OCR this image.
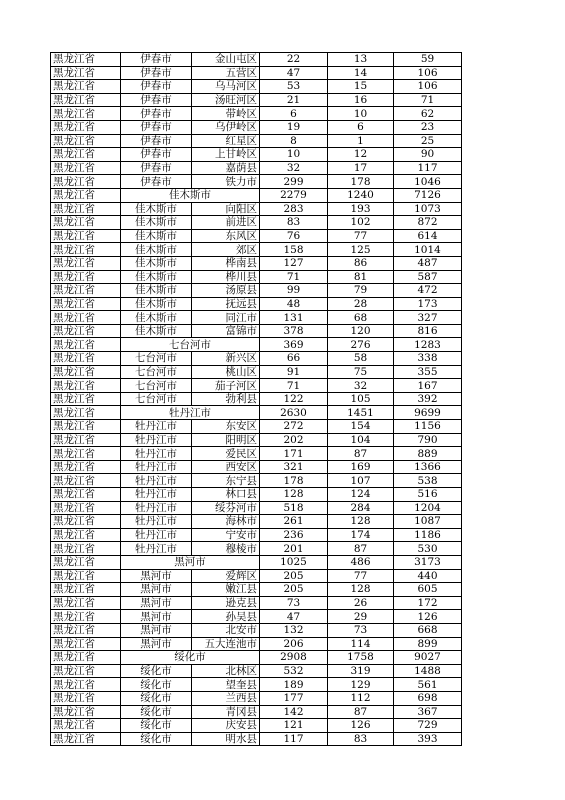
黑龙江省	伊春市	金山屯区	22	13	59
黑龙江省	伊春市	五营区	47	14	106
黑龙江省	伊春市	乌马河区	53	15	106
黑龙江省	伊春市	汤旺河区	21	16	71
黑龙江省	伊春市	带岭区	6	10	62
黑龙江省	伊春市	乌伊岭区	19	6	23
黑龙江省	伊春市	红星区	8	1	25
黑龙江省	伊春市	上甘岭区	10	12	90
黑龙江省	伊春市	嘉荫县	32	17	117
黑龙江省	伊春市	铁力市	299	178	1046
黑龙江省	佳木斯市		2279	1240	7126
黑龙江省	佳木斯市	向阳区	283	193	1073
黑龙江省	佳木斯市	前进区	83	102	872
黑龙江省	佳木斯市	东风区	76	77	614
黑龙江省	佳木斯市	郊区	158	125	1014
黑龙江省	佳木斯市	桦南县	127	86	487
黑龙江省	佳木斯市	桦川县	71	81	587
黑龙江省	佳木斯市	汤原县	99	79	472
黑龙江省	佳木斯市	抚远县	48	28	173
黑龙江省	佳木斯市	同江市	131	68	327
黑龙江省	佳木斯市	富锦市	378	120	816
黑龙江省	七台河市		369	276	1283
黑龙江省	七台河市	新兴区	66	58	338
黑龙江省	七台河市	桃山区	91	75	355
黑龙江省	七台河市	茄子河区	71	32	167
黑龙江省	七台河市	勃利县	122	105	392
黑龙江省	牡丹江市		2630	1451	9699
黑龙江省	牡丹江市	东安区	272	154	1156
黑龙江省	牡丹江市	阳明区	202	104	790
黑龙江省	牡丹江市	爱民区	171	87	889
黑龙江省	牡丹江市	西安区	321	169	1366
黑龙江省	牡丹江市	东宁县	178	107	538
黑龙江省	牡丹江市	林口县	128	124	516
黑龙江省	牡丹江市	绥芬河市	518	284	1204
黑龙江省	牡丹江市	海林市	261	128	1087
黑龙江省	牡丹江市	宁安市	236	174	1186
黑龙江省	牡丹江市	穆棱市	201	87	530
黑龙江省	黑河市		1025	486	3173
黑龙江省	黑河市	爱辉区	205	77	440
黑龙江省	黑河市	嫩江县	205	128	605
黑龙江省	黑河市	逊克县	73	26	172
黑龙江省	黑河市	孙吴县	47	29	126
黑龙江省	黑河市	北安市	132	73	668
黑龙江省	黑河市	五大连池市	206	114	899
黑龙江省	绥化市		2908	1758	9027
黑龙江省	绥化市	北林区	532	319	1488
黑龙江省	绥化市	望奎县	189	129	561
黑龙江省	绥化市	兰西县	177	112	698
黑龙江省	绥化市	青冈县	142	87	367
黑龙江省	绥化市	庆安县	121	126	729
黑龙江省	绥化市	明水县	117	83	393
